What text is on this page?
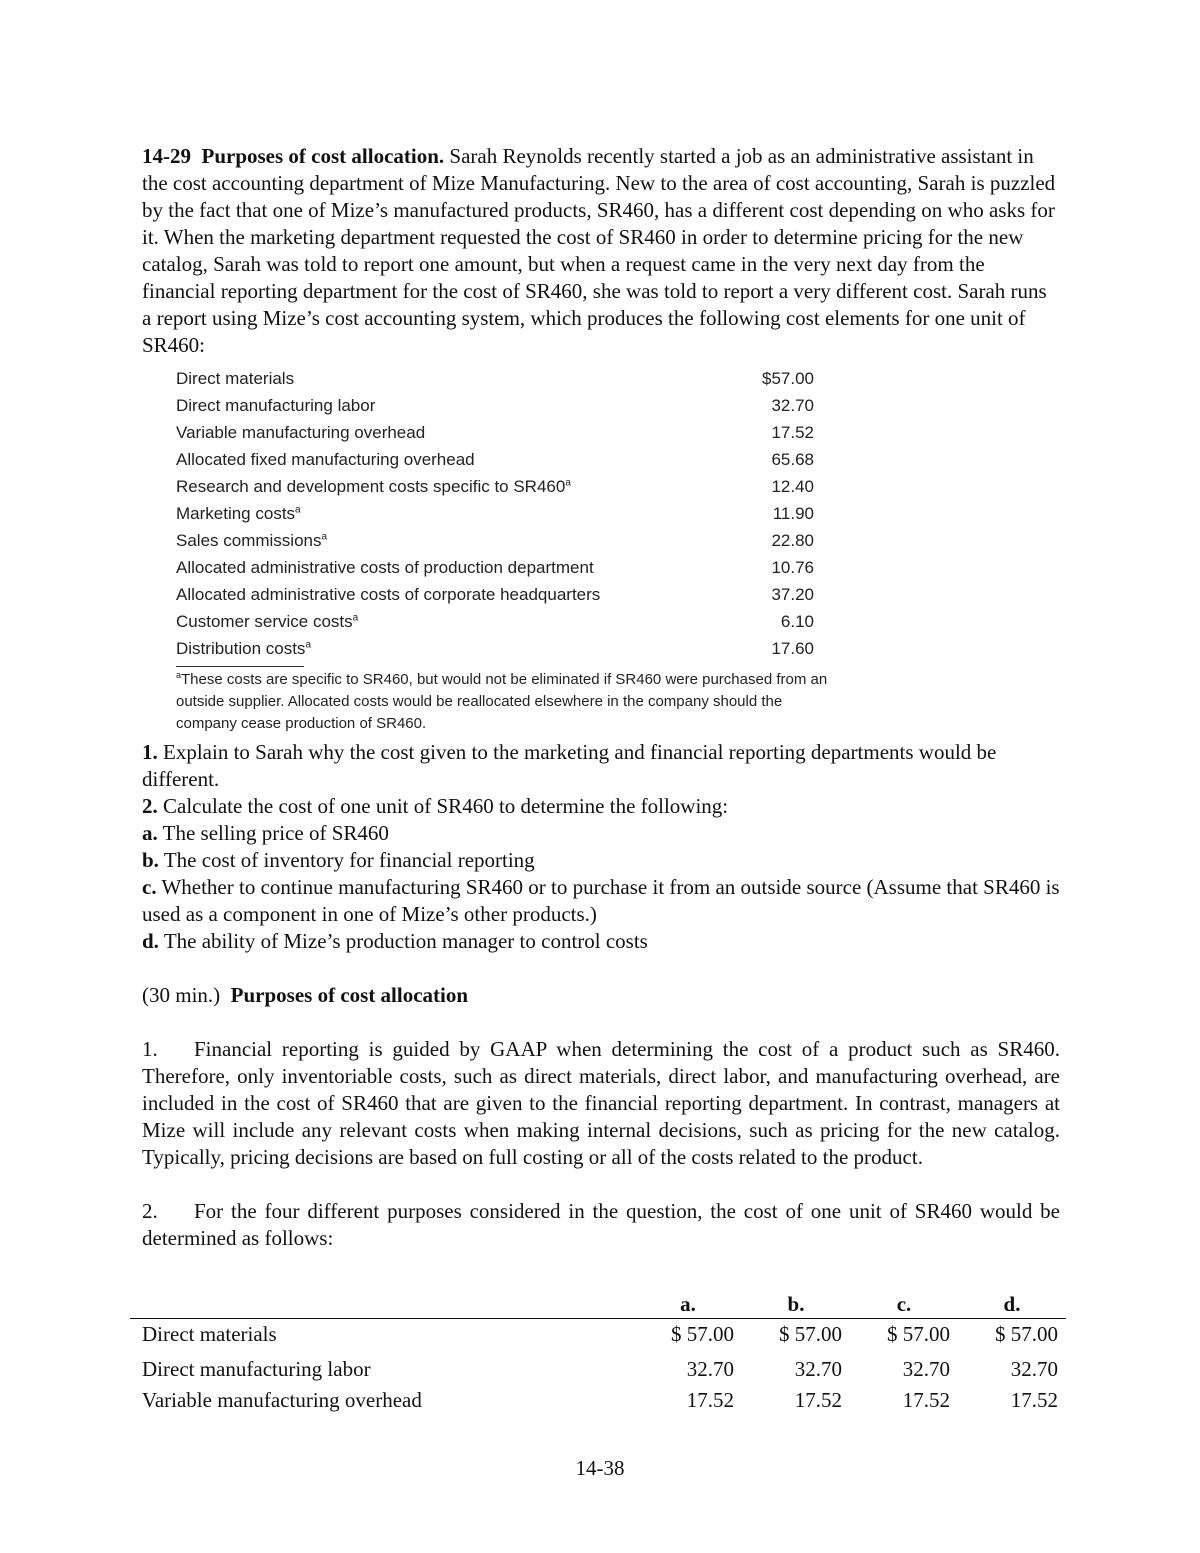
14-29 Purposes of cost allocation. Sarah Reynolds recently started a job as an administrative assistant in the cost accounting department of Mize Manufacturing. New to the area of cost accounting, Sarah is puzzled by the fact that one of Mize’s manufactured products, SR460, has a different cost depending on who asks for it. When the marketing department requested the cost of SR460 in order to determine pricing for the new catalog, Sarah was told to report one amount, but when a request came in the very next day from the financial reporting department for the cost of SR460, she was told to report a very different cost. Sarah runs a report using Mize’s cost accounting system, which produces the following cost elements for one unit of SR460:

Direct materials	$57.00
Direct manufacturing labor	32.70
Variable manufacturing overhead	17.52
Allocated fixed manufacturing overhead	65.68
Research and development costs specific to SR460$^a$	12.40
Marketing costs$^a$	11.90
Sales commissions$^a$	22.80
Allocated administrative costs of production department	10.76
Allocated administrative costs of corporate headquarters	37.20
Customer service costs$^a$	6.10
Distribution costs$^a$	17.60

$^a$These costs are specific to SR460, but would not be eliminated if SR460 were purchased from an outside supplier. Allocated costs would be reallocated elsewhere in the company should the company cease production of SR460.

1. Explain to Sarah why the cost given to the marketing and financial reporting departments would be different.

2. Calculate the cost of one unit of SR460 to determine the following:

a. The selling price of SR460

b. The cost of inventory for financial reporting

c. Whether to continue manufacturing SR460 or to purchase it from an outside source (Assume that SR460 is used as a component in one of Mize’s other products.)

d. The ability of Mize’s production manager to control costs

(30 min.) Purposes of cost allocation

1. Financial reporting is guided by GAAP when determining the cost of a product such as SR460. Therefore, only inventoriable costs, such as direct materials, direct labor, and manufacturing overhead, are included in the cost of SR460 that are given to the financial reporting department. In contrast, managers at Mize will include any relevant costs when making internal decisions, such as pricing for the new catalog. Typically, pricing decisions are based on full costing or all of the costs related to the product.

2. For the four different purposes considered in the question, the cost of one unit of SR460 would be determined as follows:

	a.	b.	c.	d.
Direct materials	$ 57.00	$ 57.00	$ 57.00	$ 57.00
Direct manufacturing labor	32.70	32.70	32.70	32.70
Variable manufacturing overhead	17.52	17.52	17.52	17.52
14-38
